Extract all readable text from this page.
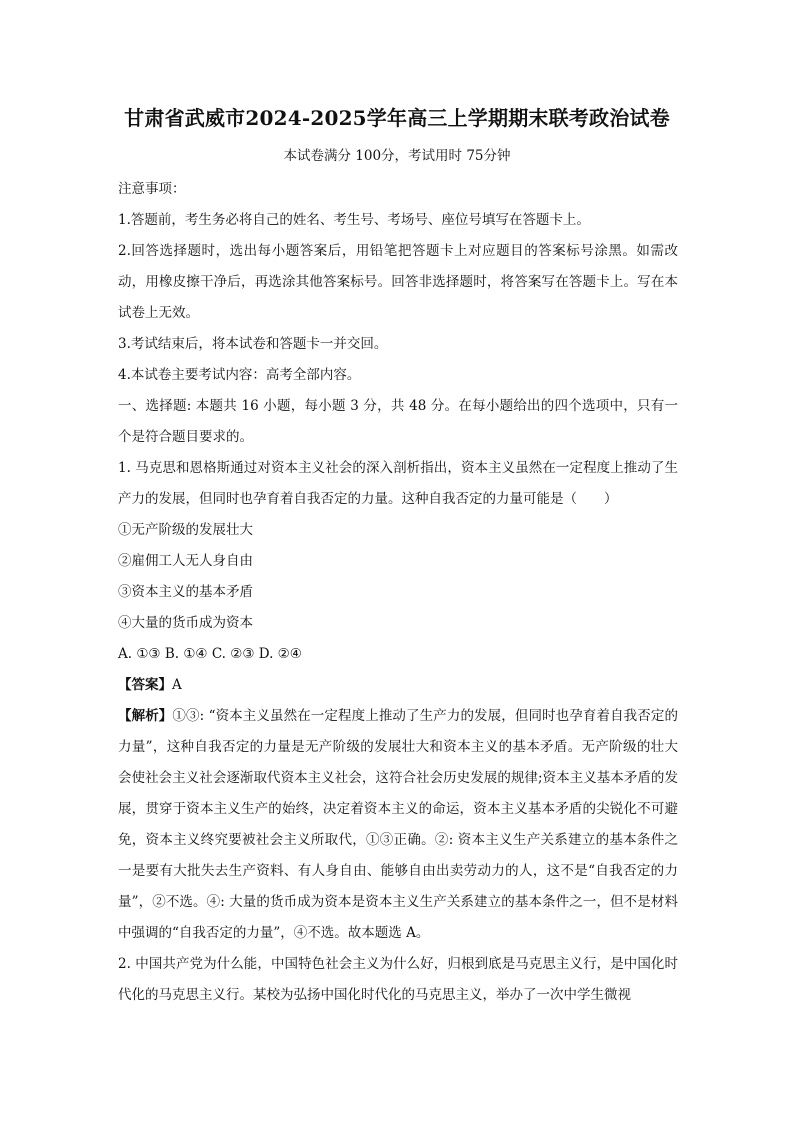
甘肃省武威市2024-2025学年高三上学期期末联考政治试卷
本试卷满分 100分，考试用时 75分钟

注意事项：

1.答题前，考生务必将自己的姓名、考生号、考场号、座位号填写在答题卡上。

2.回答选择题时，选出每小题答案后，用铅笔把答题卡上对应题目的答案标号涂黑。如需改动，用橡皮擦干净后，再选涂其他答案标号。回答非选择题时，将答案写在答题卡上。写在本试卷上无效。

3.考试结束后，将本试卷和答题卡一并交回。

4.本试卷主要考试内容：高考全部内容。

一、选择题: 本题共 16 小题，每小题 3 分，共 48 分。在每小题给出的四个选项中，只有一个是符合题目要求的。

1. 马克思和恩格斯通过对资本主义社会的深入剖析指出，资本主义虽然在一定程度上推动了生产力的发展，但同时也孕育着自我否定的力量。这种自我否定的力量可能是（　　）

①无产阶级的发展壮大

②雇佣工人无人身自由

③资本主义的基本矛盾

④大量的货币成为资本

A. ①③ B. ①④ C. ②③ D. ②④

【答案】A

【解析】①③: “资本主义虽然在一定程度上推动了生产力的发展，但同时也孕育着自我否定的力量”，这种自我否定的力量是无产阶级的发展壮大和资本主义的基本矛盾。无产阶级的壮大会使社会主义社会逐渐取代资本主义社会，这符合社会历史发展的规律;资本主义基本矛盾的发展，贯穿于资本主义生产的始终，决定着资本主义的命运，资本主义基本矛盾的尖锐化不可避免，资本主义终究要被社会主义所取代，①③正确。②: 资本主义生产关系建立的基本条件之一是要有大批失去生产资料、有人身自由、能够自由出卖劳动力的人，这不是“自我否定的力量”，②不选。④: 大量的货币成为资本是资本主义生产关系建立的基本条件之一，但不是材料中强调的“自我否定的力量”，④不选。故本题选 A。

2. 中国共产党为什么能，中国特色社会主义为什么好，归根到底是马克思主义行，是中国化时代化的马克思主义行。某校为弘扬中国化时代化的马克思主义，举办了一次中学生微视
